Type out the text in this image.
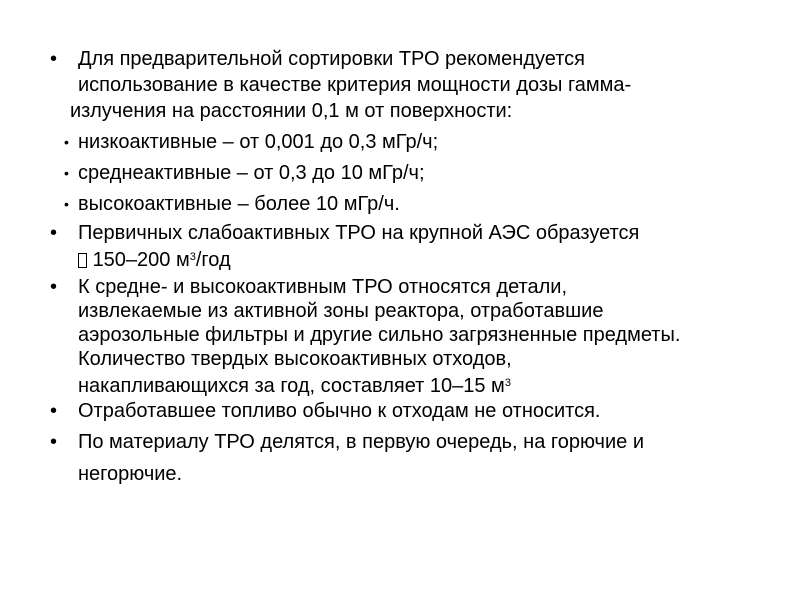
• Для предварительной сортировки ТРО рекомендуется
использование в качестве критерия мощности дозы гамма-
излучения на расстоянии 0,1 м от поверхности:
• низкоактивные – от 0,001 до 0,3 мГр/ч;
• среднеактивные – от 0,3 до 10 мГр/ч;
• высокоактивные – более 10 мГр/ч.
• Первичных слабоактивных ТРО на крупной АЭС образуется
150–200 $м^3$/год
• К средне- и высокоактивным ТРО относятся детали,
извлекаемые из активной зоны реактора, отработавшие
аэрозольные фильтры и другие сильно загрязненные предметы.
Количество твердых высокоактивных отходов,
накапливающихся за год, составляет 10–15 $м^3$
• Отработавшее топливо обычно к отходам не относится.
• По материалу ТРО делятся, в первую очередь, на горючие и
негорючие.
